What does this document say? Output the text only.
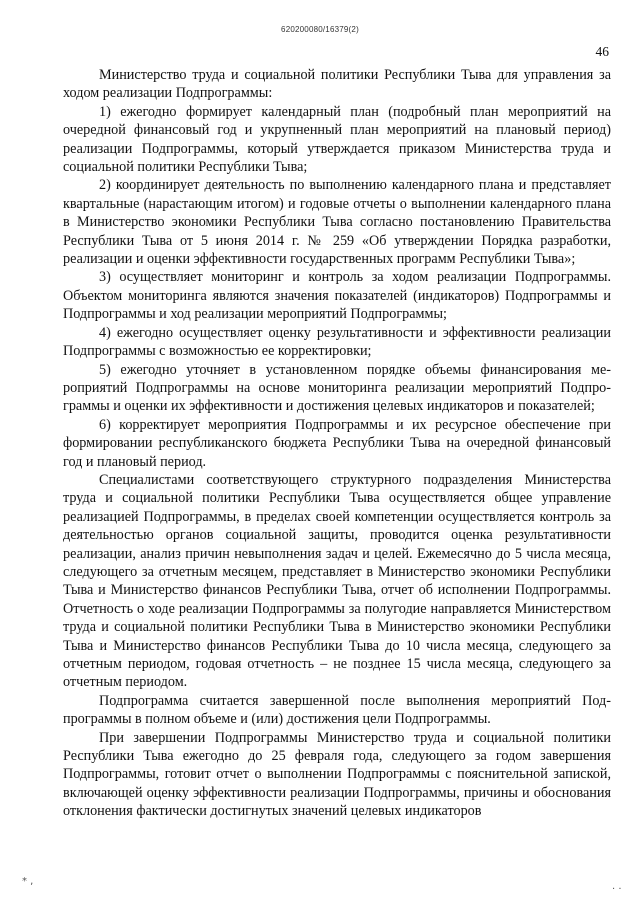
620200080/16379(2)
46

Министерство труда и социальной политики Республики Тыва для управления за ходом реализации Подпрограммы:

1) ежегодно формирует календарный план (подробный план мероприятий на очередной финансовый год и укрупненный план мероприятий на плановый период) реализации Подпрограммы, который утверждается приказом Министерства труда и социальной политики Республики Тыва;

2) координирует деятельность по выполнению календарного плана и представляет квартальные (нарастающим итогом) и годовые отчеты о выполнении календарного плана в Министерство экономики Республики Тыва согласно постановлению Правительства Республики Тыва от 5 июня 2014 г. № 259 «Об утверждении Порядка разработки, реализации и оценки эффективности государственных программ Республики Тыва»;

3) осуществляет мониторинг и контроль за ходом реализации Подпрограммы. Объектом мониторинга являются значения показателей (индикаторов) Подпрограммы и Подпрограммы и ход реализации мероприятий Подпрограммы;

4) ежегодно осуществляет оценку результативности и эффективности реализации Подпрограммы с возможностью ее корректировки;

5) ежегодно уточняет в установленном порядке объемы финансирования мероприятий Подпрограммы на основе мониторинга реализации мероприятий Подпрограммы и оценки их эффективности и достижения целевых индикаторов и показателей;

6) корректирует мероприятия Подпрограммы и их ресурсное обеспечение при формировании республиканского бюджета Республики Тыва на очередной финансовый год и плановый период.

Специалистами соответствующего структурного подразделения Министерства труда и социальной политики Республики Тыва осуществляется общее управление реализацией Подпрограммы, в пределах своей компетенции осуществляется контроль за деятельностью органов социальной защиты, проводится оценка результативности реализации, анализ причин невыполнения задач и целей. Ежемесячно до 5 числа месяца, следующего за отчетным месяцем, представляет в Министерство экономики Республики Тыва и Министерство финансов Республики Тыва, отчет об исполнении Подпрограммы. Отчетность о ходе реализации Подпрограммы за полугодие направляется Министерством труда и социальной политики Республики Тыва в Министерство экономики Республики Тыва и Министерство финансов Республики Тыва до 10 числа месяца, следующего за отчетным периодом, годовая отчетность – не позднее 15 числа месяца, следующего за отчетным периодом.

Подпрограмма считается завершенной после выполнения мероприятий Подпрограммы в полном объеме и (или) достижения цели Подпрограммы.

При завершении Подпрограммы Министерство труда и социальной политики Республики Тыва ежегодно до 25 февраля года, следующего за годом завершения Подпрограммы, готовит отчет о выполнении Подпрограммы с пояснительной запиской, включающей оценку эффективности реализации Подпрограммы, причины и обоснования отклонения фактически достигнутых значений целевых индикаторов

* ,
· ·
